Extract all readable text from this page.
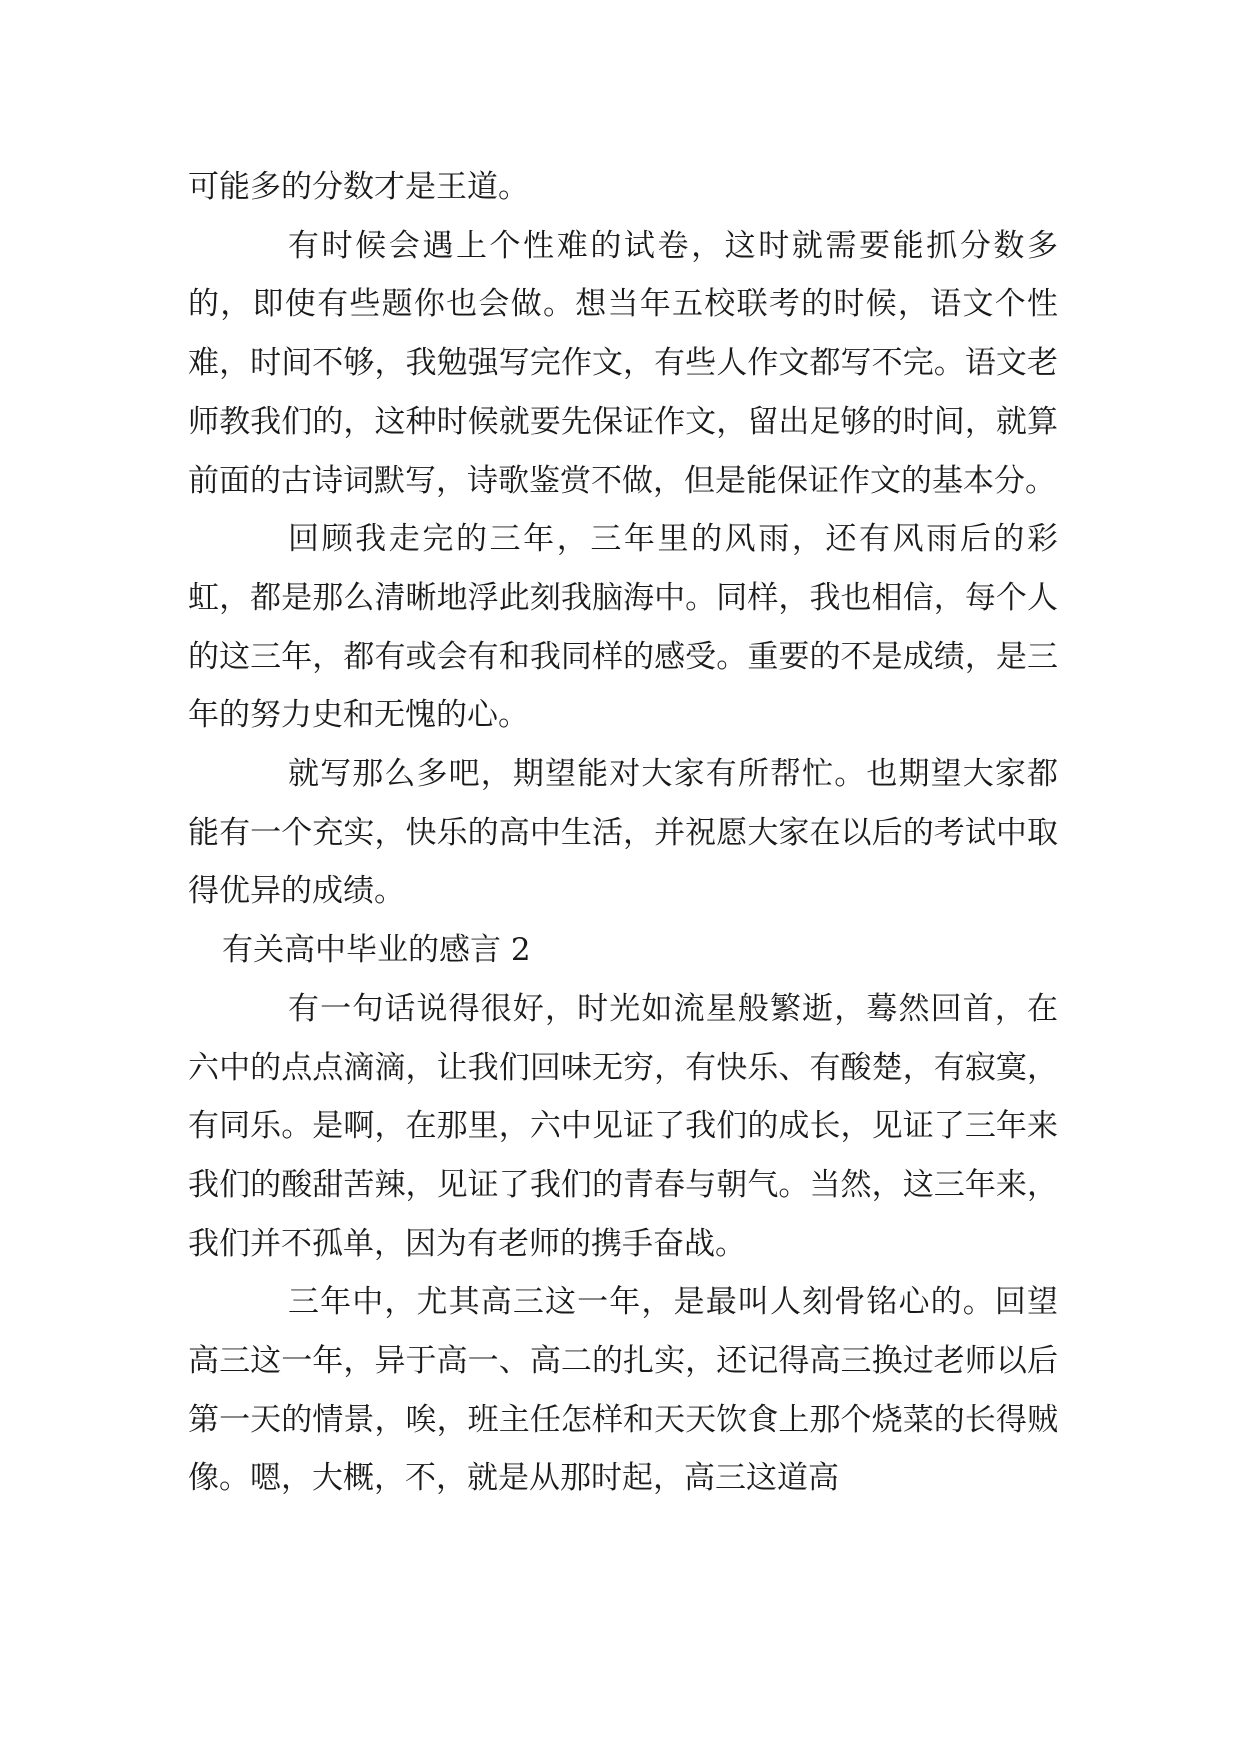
可能多的分数才是王道。

有时候会遇上个性难的试卷，这时就需要能抓分数多的，即使有些题你也会做。想当年五校联考的时候，语文个性难，时间不够，我勉强写完作文，有些人作文都写不完。语文老师教我们的，这种时候就要先保证作文，留出足够的时间，就算前面的古诗词默写，诗歌鉴赏不做，但是能保证作文的基本分。

回顾我走完的三年，三年里的风雨，还有风雨后的彩虹，都是那么清晰地浮此刻我脑海中。同样，我也相信，每个人的这三年，都有或会有和我同样的感受。重要的不是成绩，是三年的努力史和无愧的心。

就写那么多吧，期望能对大家有所帮忙。也期望大家都能有一个充实，快乐的高中生活，并祝愿大家在以后的考试中取得优异的成绩。

有关高中毕业的感言 2

有一句话说得很好，时光如流星般繁逝，蓦然回首，在六中的点点滴滴，让我们回味无穷，有快乐、有酸楚，有寂寞，有同乐。是啊，在那里，六中见证了我们的成长，见证了三年来我们的酸甜苦辣，见证了我们的青春与朝气。当然，这三年来，我们并不孤单，因为有老师的携手奋战。

三年中，尤其高三这一年，是最叫人刻骨铭心的。回望高三这一年，异于高一、高二的扎实，还记得高三换过老师以后第一天的情景，唉，班主任怎样和天天饮食上那个烧菜的长得贼像。嗯，大概，不，就是从那时起，高三这道高
